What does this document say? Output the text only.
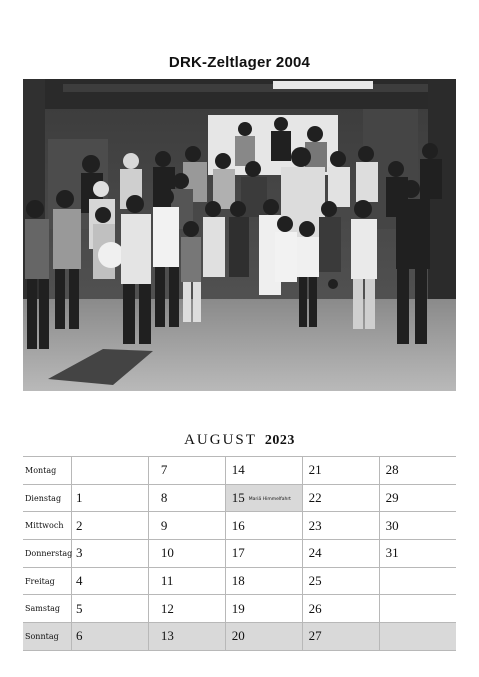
DRK-Zeltlager 2004
AUGUST 2023
Montag		7	14	21	28
Dienstag	1	8	15 Mariä Himmelfahrt	22	29
Mittwoch	2	9	16	23	30
Donnerstag	3	10	17	24	31
Freitag	4	11	18	25	
Samstag	5	12	19	26	
Sonntag	6	13	20	27	
